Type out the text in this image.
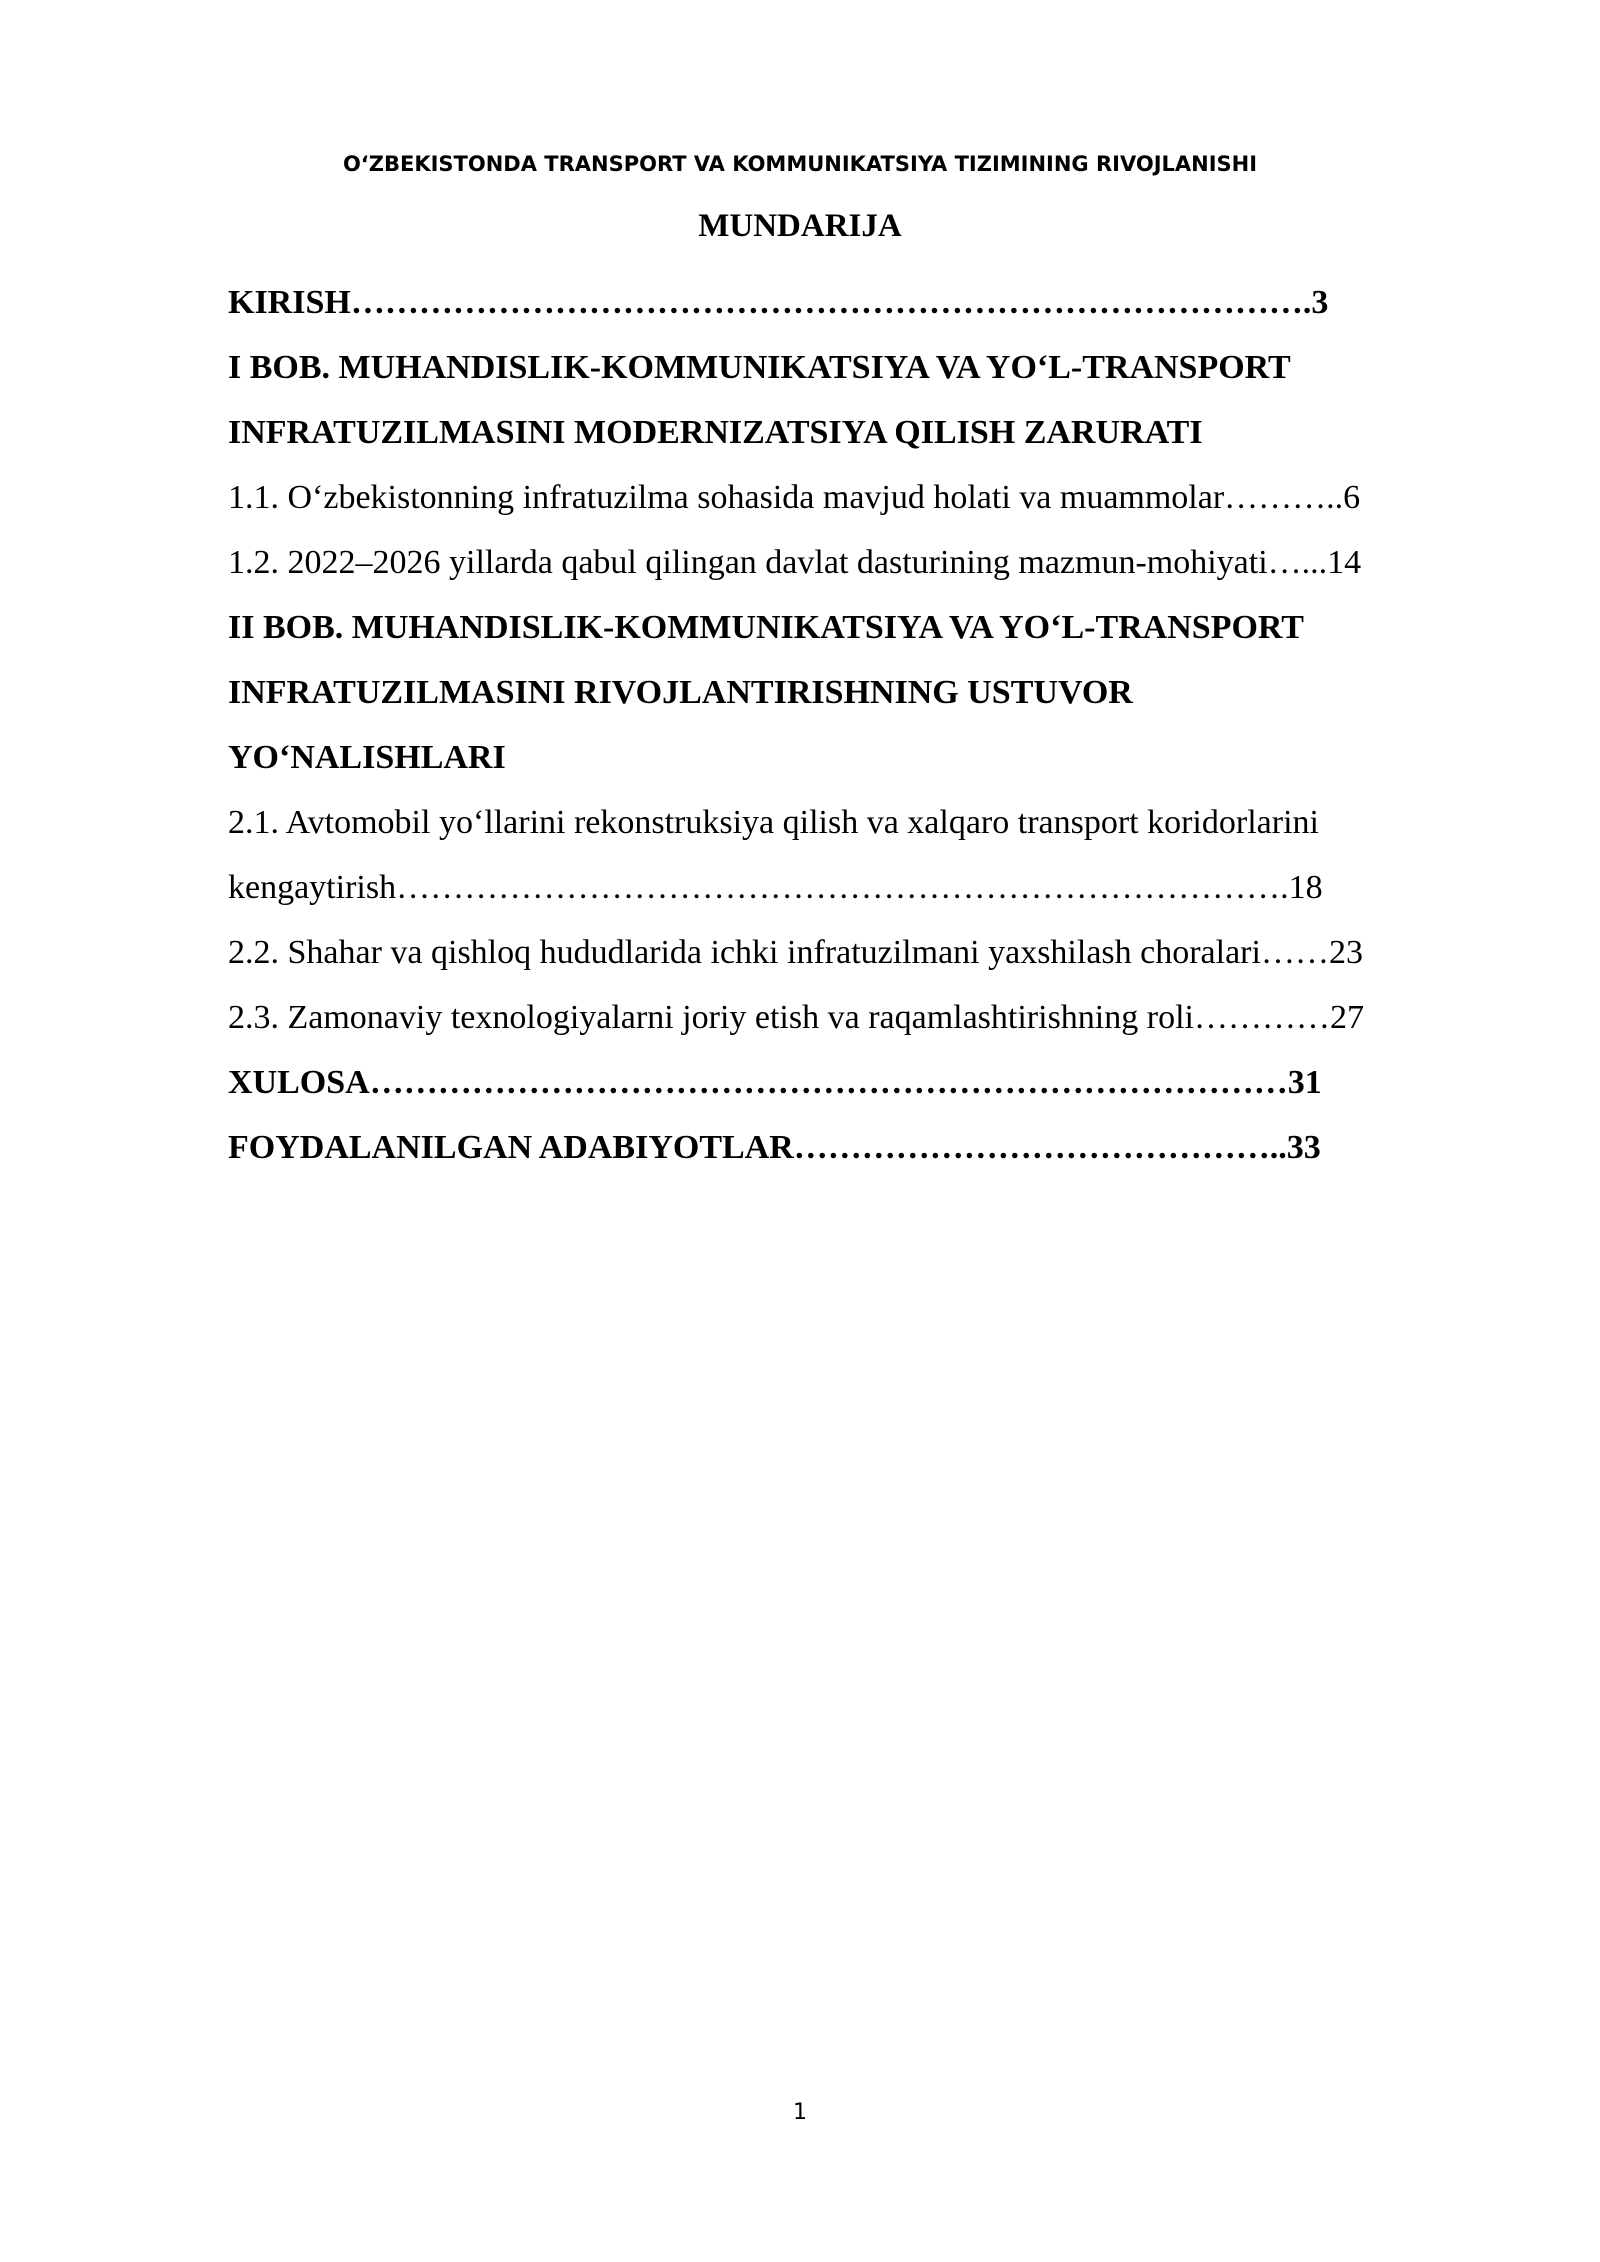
O‘ZBEKISTONDA TRANSPORT VA KOMMUNIKATSIYA TIZIMINING RIVOJLANISHI
MUNDARIJA
KIRISH………………………………………………………………………….3
I BOB. MUHANDISLIK-KOMMUNIKATSIYA VA YO‘L-TRANSPORT
INFRATUZILMASINI MODERNIZATSIYA QILISH ZARURATI
1.1. O‘zbekistonning infratuzilma sohasida mavjud holati va muammolar………..6
1.2. 2022–2026 yillarda qabul qilingan davlat dasturining mazmun-mohiyati…...14
II BOB. MUHANDISLIK-KOMMUNIKATSIYA VA YO‘L-TRANSPORT
INFRATUZILMASINI RIVOJLANTIRISHNING USTUVOR
YO‘NALISHLARI
2.1. Avtomobil yo‘llarini rekonstruksiya qilish va xalqaro transport koridorlarini
kengaytirish…………………………………………………………………….18
2.2. Shahar va qishloq hududlarida ichki infratuzilmani yaxshilash choralari……23
2.3. Zamonaviy texnologiyalarni joriy etish va raqamlashtirishning roli…………27
XULOSA………………………………………………………………………31
FOYDALANILGAN ADABIYOTLAR……………………………………..33
1
